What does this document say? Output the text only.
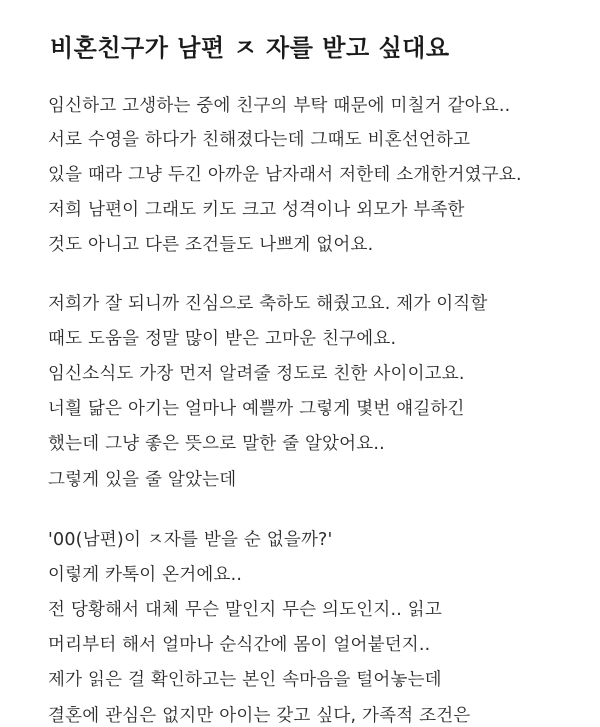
비혼친구가 남편 ㅈ 자를 받고 싶대요
임신하고 고생하는 중에 친구의 부탁 때문에 미칠거 같아요..
서로 수영을 하다가 친해졌다는데 그때도 비혼선언하고
있을 때라 그냥 두긴 아까운 남자래서 저한테 소개한거였구요.
저희 남편이 그래도 키도 크고 성격이나 외모가 부족한
것도 아니고 다른 조건들도 나쁘게 없어요.
저희가 잘 되니까 진심으로 축하도 해줬고요. 제가 이직할
때도 도움을 정말 많이 받은 고마운 친구에요.
임신소식도 가장 먼저 알려줄 정도로 친한 사이이고요.
너흴 닮은 아기는 얼마나 예쁠까 그렇게 몇번 얘길하긴
했는데 그냥 좋은 뜻으로 말한 줄 알았어요..
그렇게 있을 줄 알았는데
'00(남편)이 ㅈ자를 받을 순 없을까?'
이렇게 카톡이 온거에요..
전 당황해서 대체 무슨 말인지 무슨 의도인지.. 읽고
머리부터 해서 얼마나 순식간에 몸이 얼어붙던지..
제가 읽은 걸 확인하고는 본인 속마음을 털어놓는데
결혼에 관심은 없지만 아이는 갖고 싶다, 가족적 조건은
